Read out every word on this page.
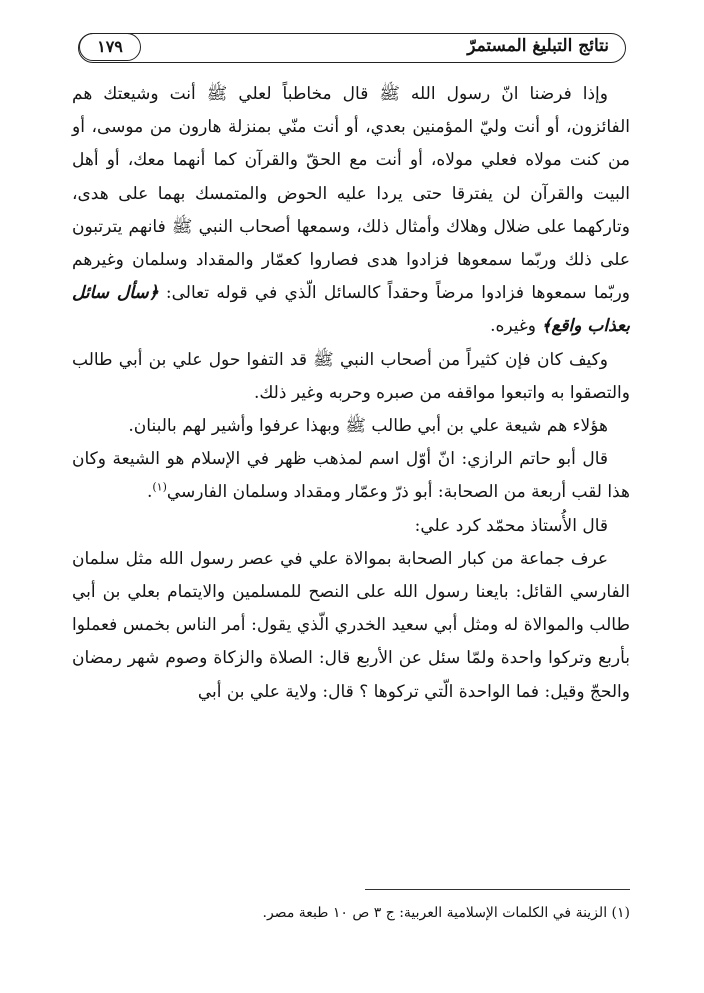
نتائج التبليغ المستمرّ
١٧٩

وإذا فرضنا انّ رسول الله ﷺ قال مخاطباً لعلي ﷺ أنت وشيعتك هم الفائزون، أو أنت وليّ المؤمنين بعدي، أو أنت منّي بمنزلة هارون من موسى، أو من كنت مولاه فعلي مولاه، أو أنت مع الحقّ والقرآن كما أنهما معك، أو أهل البيت والقرآن لن يفترقا حتى يردا عليه الحوض والمتمسك بهما على هدى، وتاركهما على ضلال وهلاك وأمثال ذلك، وسمعها أصحاب النبي ﷺ فانهم يترتبون على ذلك وربّما سمعوها فزادوا هدى فصاروا كعمّار والمقداد وسلمان وغيرهم وربّما سمعوها فزادوا مرضاً وحقداً كالسائل الّذي في قوله تعالى: ﴿سأل سائل بعذاب واقع﴾ وغيره.

وكيف كان فإن كثيراً من أصحاب النبي ﷺ قد التفوا حول علي بن أبي طالب والتصقوا به واتبعوا مواقفه من صبره وحربه وغير ذلك.

هؤلاء هم شيعة علي بن أبي طالب ﷺ وبهذا عرفوا وأشير لهم بالبنان.

قال أبو حاتم الرازي: انّ أوّل اسم لمذهب ظهر في الإسلام هو الشيعة وكان هذا لقب أربعة من الصحابة: أبو ذرّ وعمّار ومقداد وسلمان الفارسي$^{(١)}$.

قال الأُستاذ محمّد كرد علي:

عرف جماعة من كبار الصحابة بموالاة علي في عصر رسول الله مثل سلمان الفارسي القائل: بايعنا رسول الله على النصح للمسلمين والايتمام بعلي بن أبي طالب والموالاة له ومثل أبي سعيد الخدري الّذي يقول: أمر الناس بخمس فعملوا بأربع وتركوا واحدة ولمّا سئل عن الأربع قال: الصلاة والزكاة وصوم شهر رمضان والحجّ وقيل: فما الواحدة الّتي تركوها ؟ قال: ولاية علي بن أبي

(١) الزينة في الكلمات الإسلامية العربية: ج ٣ ص ١٠ طبعة مصر.
